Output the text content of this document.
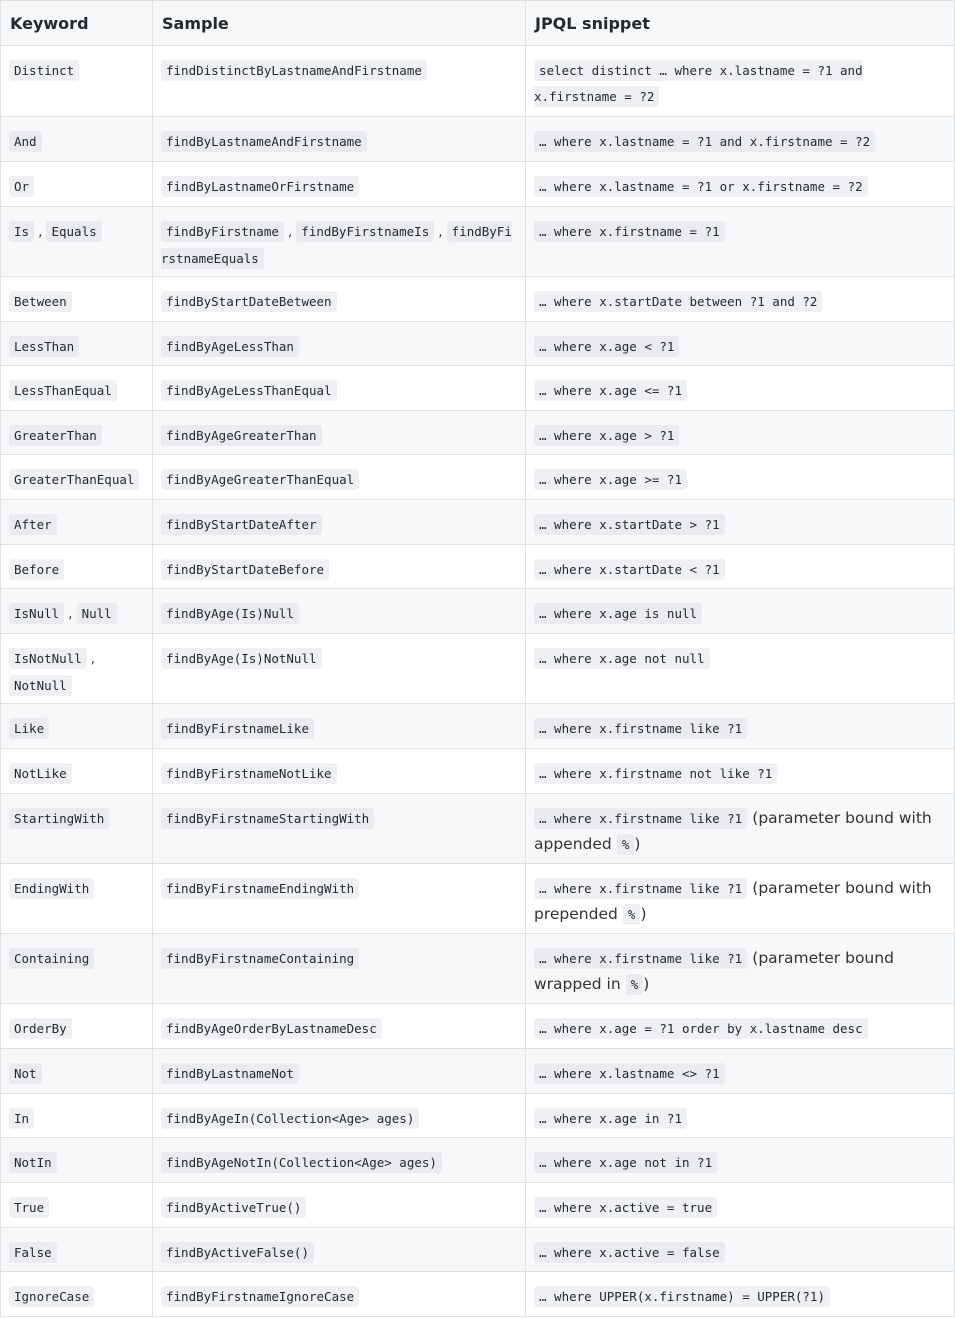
Keyword	Sample	JPQL snippet
Distinct	findDistinctByLastnameAndFirstname	select distinct … where x.lastname = ?1 and x.firstname = ?2
And	findByLastnameAndFirstname	… where x.lastname = ?1 and x.firstname = ?2
Or	findByLastnameOrFirstname	… where x.lastname = ?1 or x.firstname = ?2
Is , Equals	findByFirstname , findByFirstnameIs , findByFirstnameEquals	… where x.firstname = ?1
Between	findByStartDateBetween	… where x.startDate between ?1 and ?2
LessThan	findByAgeLessThan	… where x.age < ?1
LessThanEqual	findByAgeLessThanEqual	… where x.age <= ?1
GreaterThan	findByAgeGreaterThan	… where x.age > ?1
GreaterThanEqual	findByAgeGreaterThanEqual	… where x.age >= ?1
After	findByStartDateAfter	… where x.startDate > ?1
Before	findByStartDateBefore	… where x.startDate < ?1
IsNull , Null	findByAge(Is)Null	… where x.age is null
IsNotNull , NotNull	findByAge(Is)NotNull	… where x.age not null
Like	findByFirstnameLike	… where x.firstname like ?1
NotLike	findByFirstnameNotLike	… where x.firstname not like ?1
StartingWith	findByFirstnameStartingWith	… where x.firstname like ?1 (parameter bound with appended % )
EndingWith	findByFirstnameEndingWith	… where x.firstname like ?1 (parameter bound with prepended % )
Containing	findByFirstnameContaining	… where x.firstname like ?1 (parameter bound wrapped in % )
OrderBy	findByAgeOrderByLastnameDesc	… where x.age = ?1 order by x.lastname desc
Not	findByLastnameNot	… where x.lastname <> ?1
In	findByAgeIn(Collection<Age> ages)	… where x.age in ?1
NotIn	findByAgeNotIn(Collection<Age> ages)	… where x.age not in ?1
True	findByActiveTrue()	… where x.active = true
False	findByActiveFalse()	… where x.active = false
IgnoreCase	findByFirstnameIgnoreCase	… where UPPER(x.firstname) = UPPER(?1)
